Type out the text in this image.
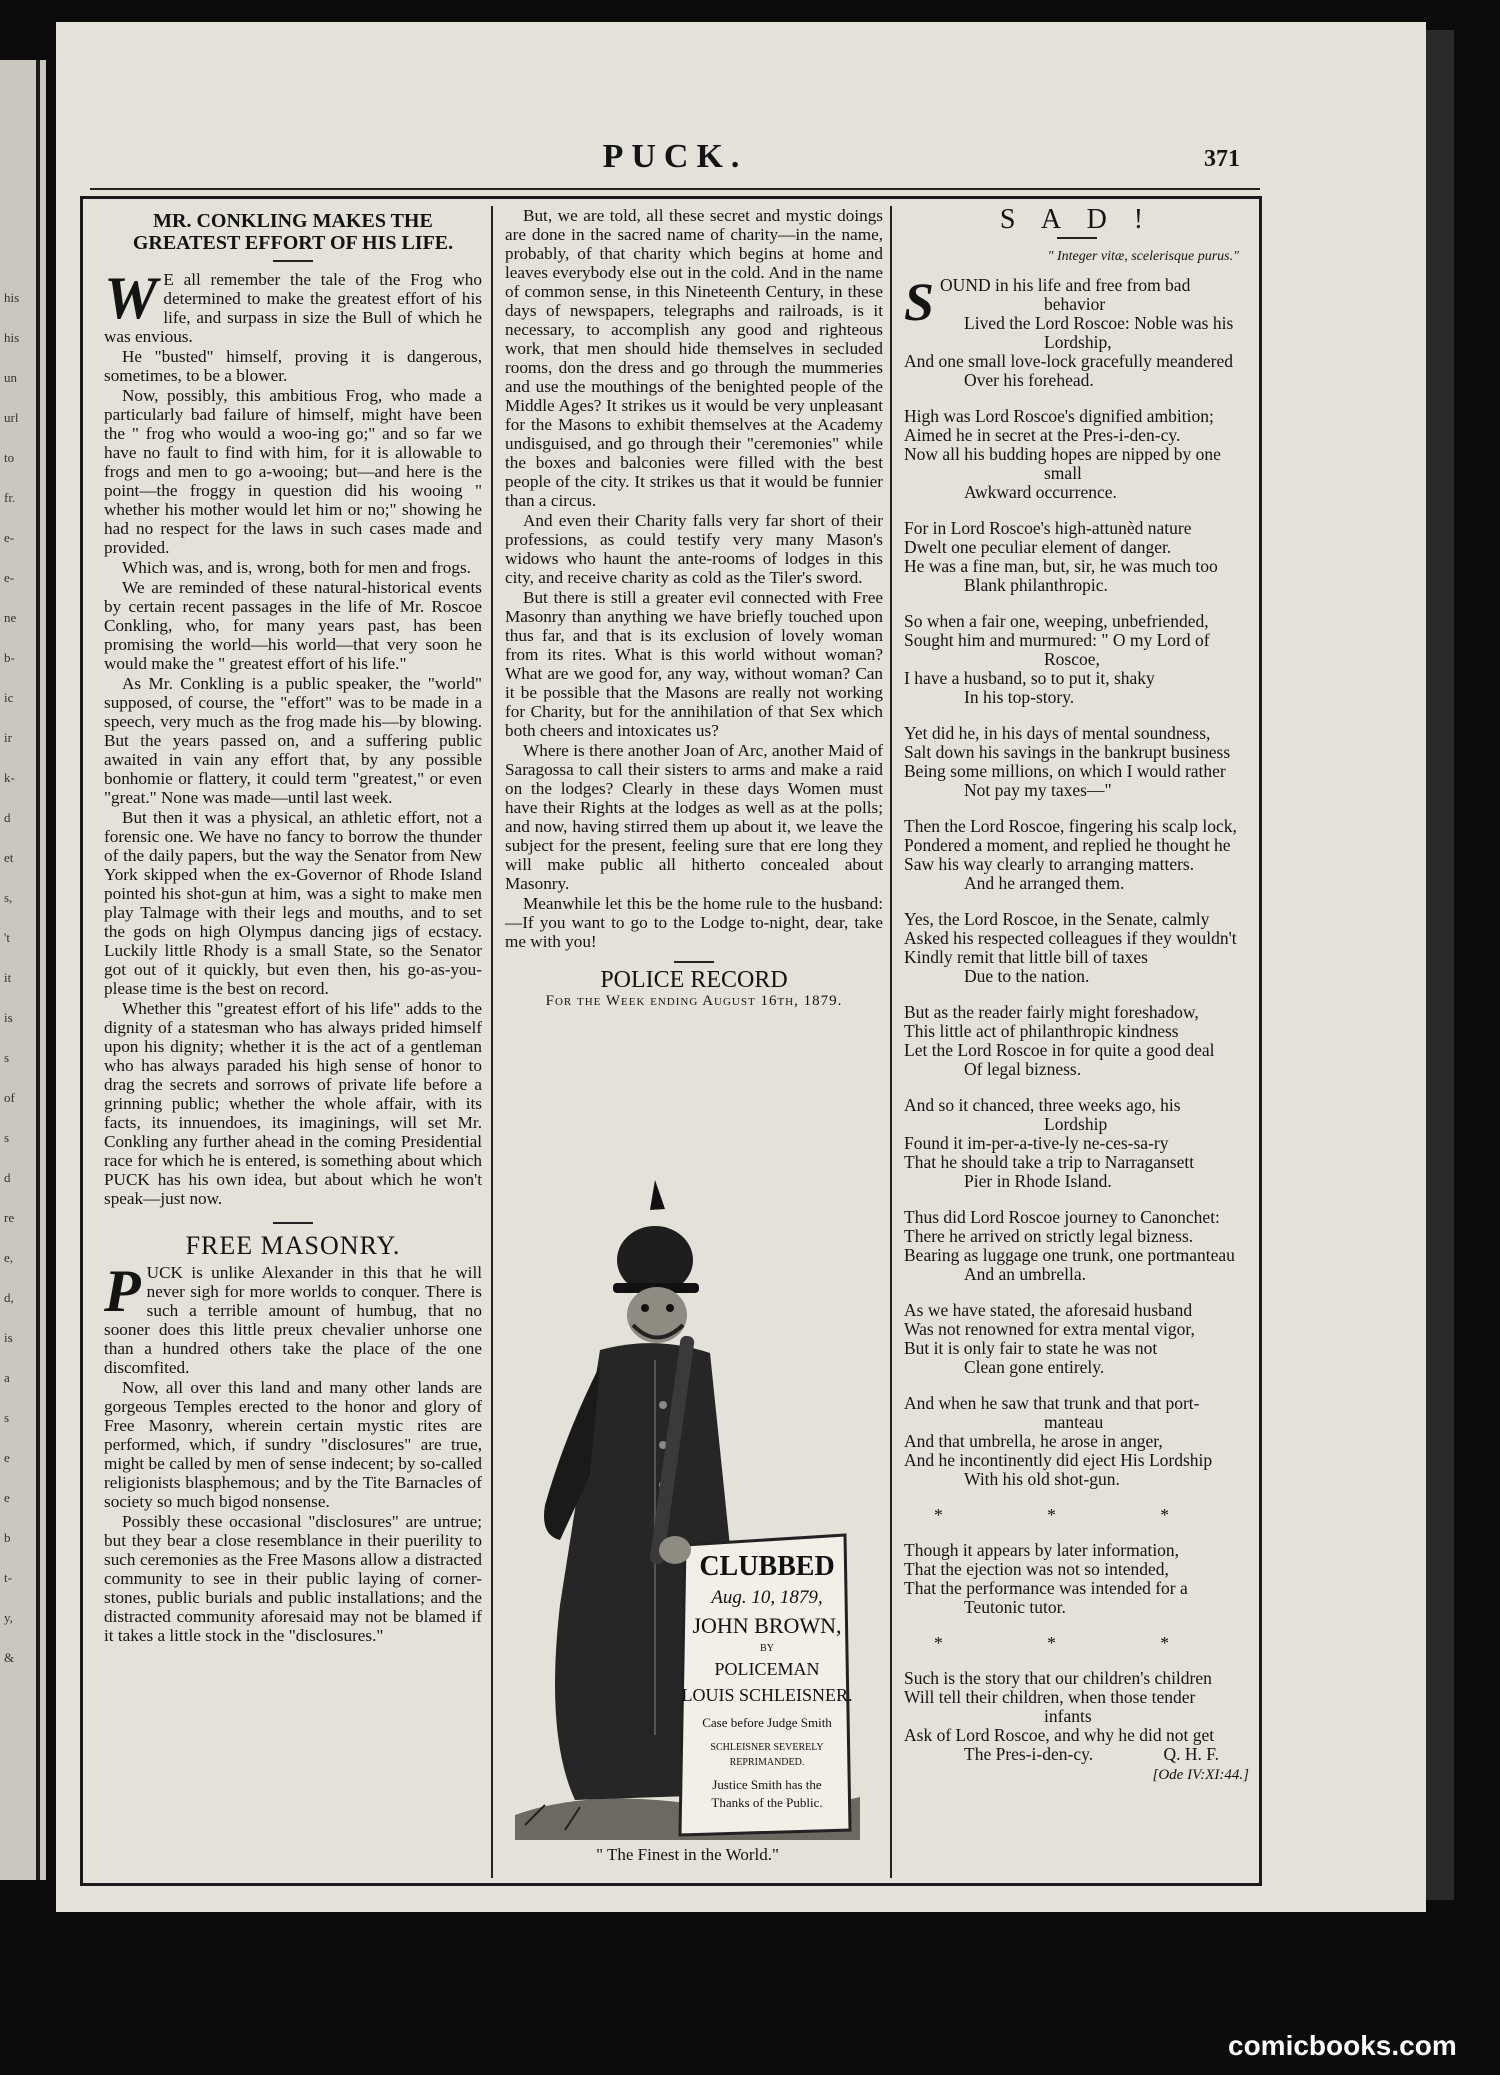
his
his
un
url
to
fr.
e-
e-
ne
b-
ic
ir
k-
d
et
s,
't
it
is
s
of
s
d
re
e,
d,
is
a
s
e
e
b
t-
y,
&
PUCK.	371
MR. CONKLING MAKES THE GREATEST EFFORT OF HIS LIFE.

W E all remember the tale of the Frog who determined to make the greatest effort of his life, and surpass in size the Bull of which he was envious.

He "busted" himself, proving it is dangerous, sometimes, to be a blower.

Now, possibly, this ambitious Frog, who made a particularly bad failure of himself, might have been the " frog who would a woo-ing go;" and so far we have no fault to find with him, for it is allowable to frogs and men to go a-wooing; but—and here is the point—the froggy in question did his wooing " whether his mother would let him or no;" showing he had no respect for the laws in such cases made and provided.

Which was, and is, wrong, both for men and frogs.

We are reminded of these natural-historical events by certain recent passages in the life of Mr. Roscoe Conkling, who, for many years past, has been promising the world—his world—that very soon he would make the " greatest effort of his life."

As Mr. Conkling is a public speaker, the "world" supposed, of course, the "effort" was to be made in a speech, very much as the frog made his—by blowing. But the years passed on, and a suffering public awaited in vain any effort that, by any possible bonhomie or flattery, it could term "greatest," or even "great." None was made—until last week.

But then it was a physical, an athletic effort, not a forensic one. We have no fancy to borrow the thunder of the daily papers, but the way the Senator from New York skipped when the ex-Governor of Rhode Island pointed his shot-gun at him, was a sight to make men play Talmage with their legs and mouths, and to set the gods on high Olympus dancing jigs of ecstacy. Luckily little Rhody is a small State, so the Senator got out of it quickly, but even then, his go-as-you-please time is the best on record.

Whether this "greatest effort of his life" adds to the dignity of a statesman who has always prided himself upon his dignity; whether it is the act of a gentleman who has always paraded his high sense of honor to drag the secrets and sorrows of private life before a grinning public; whether the whole affair, with its facts, its innuendoes, its imaginings, will set Mr. Conkling any further ahead in the coming Presidential race for which he is entered, is something about which PUCK has his own idea, but about which he won't speak—just now.

FREE MASONRY.

PUCK is unlike Alexander in this that he will never sigh for more worlds to conquer. There is such a terrible amount of humbug, that no sooner does this little preux chevalier unhorse one than a hundred others take the place of the one discomfited.

Now, all over this land and many other lands are gorgeous Temples erected to the honor and glory of Free Masonry, wherein certain mystic rites are performed, which, if sundry "disclosures" are true, might be called by men of sense indecent; by so-called religionists blasphemous; and by the Tite Barnacles of society so much bigod nonsense.

Possibly these occasional "disclosures" are untrue; but they bear a close resemblance in their puerility to such ceremonies as the Free Masons allow a distracted community to see in their public laying of corner-stones, public burials and public installations; and the distracted community aforesaid may not be blamed if it takes a little stock in the "disclosures."

But, we are told, all these secret and mystic doings are done in the sacred name of charity—in the name, probably, of that charity which begins at home and leaves everybody else out in the cold. And in the name of common sense, in this Nineteenth Century, in these days of newspapers, telegraphs and railroads, is it necessary, to accomplish any good and righteous work, that men should hide themselves in secluded rooms, don the dress and go through the mummeries and use the mouthings of the benighted people of the Middle Ages? It strikes us it would be very unpleasant for the Masons to exhibit themselves at the Academy undisguised, and go through their "ceremonies" while the boxes and balconies were filled with the best people of the city. It strikes us that it would be funnier than a circus.

And even their Charity falls very far short of their professions, as could testify very many Mason's widows who haunt the ante-rooms of lodges in this city, and receive charity as cold as the Tiler's sword.

But there is still a greater evil connected with Free Masonry than anything we have briefly touched upon thus far, and that is its exclusion of lovely woman from its rites. What is this world without woman? What are we good for, any way, without woman? Can it be possible that the Masons are really not working for Charity, but for the annihilation of that Sex which both cheers and intoxicates us?

Where is there another Joan of Arc, another Maid of Saragossa to call their sisters to arms and make a raid on the lodges? Clearly in these days Women must have their Rights at the lodges as well as at the polls; and now, having stirred them up about it, we leave the subject for the present, feeling sure that ere long they will make public all hitherto concealed about Masonry.

Meanwhile let this be the home rule to the husband:—If you want to go to the Lodge to-night, dear, take me with you!

POLICE RECORD
For the Week ending August 16th, 1879.
CLUBBED
Aug. 10, 1879,
JOHN BROWN,
BY
POLICEMAN
LOUIS SCHLEISNER.
Case before Judge Smith
SCHLEISNER SEVERELY
REPRIMANDED.
Justice Smith has the
Thanks of the Public.
" The Finest in the World."
S A D !
" Integer vitæ, scelerisque purus."
S OUND in his life and free from bad
behavior
Lived the Lord Roscoe: Noble was his
Lordship,
And one small love-lock gracefully meandered
Over his forehead.
High was Lord Roscoe's dignified ambition;
Aimed he in secret at the Pres-i-den-cy.
Now all his budding hopes are nipped by one
small
Awkward occurrence.
For in Lord Roscoe's high-attunèd nature
Dwelt one peculiar element of danger.
He was a fine man, but, sir, he was much too
Blank philanthropic.
So when a fair one, weeping, unbefriended,
Sought him and murmured: " O my Lord of
Roscoe,
I have a husband, so to put it, shaky
In his top-story.
Yet did he, in his days of mental soundness,
Salt down his savings in the bankrupt business
Being some millions, on which I would rather
Not pay my taxes—"
Then the Lord Roscoe, fingering his scalp lock,
Pondered a moment, and replied he thought he
Saw his way clearly to arranging matters.
And he arranged them.
Yes, the Lord Roscoe, in the Senate, calmly
Asked his respected colleagues if they wouldn't
Kindly remit that little bill of taxes
Due to the nation.
But as the reader fairly might foreshadow,
This little act of philanthropic kindness
Let the Lord Roscoe in for quite a good deal
Of legal bizness.
And so it chanced, three weeks ago, his
Lordship
Found it im-per-a-tive-ly ne-ces-sa-ry
That he should take a trip to Narragansett
Pier in Rhode Island.
Thus did Lord Roscoe journey to Canonchet:
There he arrived on strictly legal bizness.
Bearing as luggage one trunk, one portmanteau
And an umbrella.
As we have stated, the aforesaid husband
Was not renowned for extra mental vigor,
But it is only fair to state he was not
Clean gone entirely.
And when he saw that trunk and that port-
manteau
And that umbrella, he arose in anger,
And he incontinently did eject His Lordship
With his old shot-gun.
* * *
Though it appears by later information,
That the ejection was not so intended,
That the performance was intended for a
Teutonic tutor.
* * *
Such is the story that our children's children
Will tell their children, when those tender
infants
Ask of Lord Roscoe, and why he did not get
The Pres-i-den-cy.	Q. H. F.
[Ode IV:XI:44.]
comicbooks.com
